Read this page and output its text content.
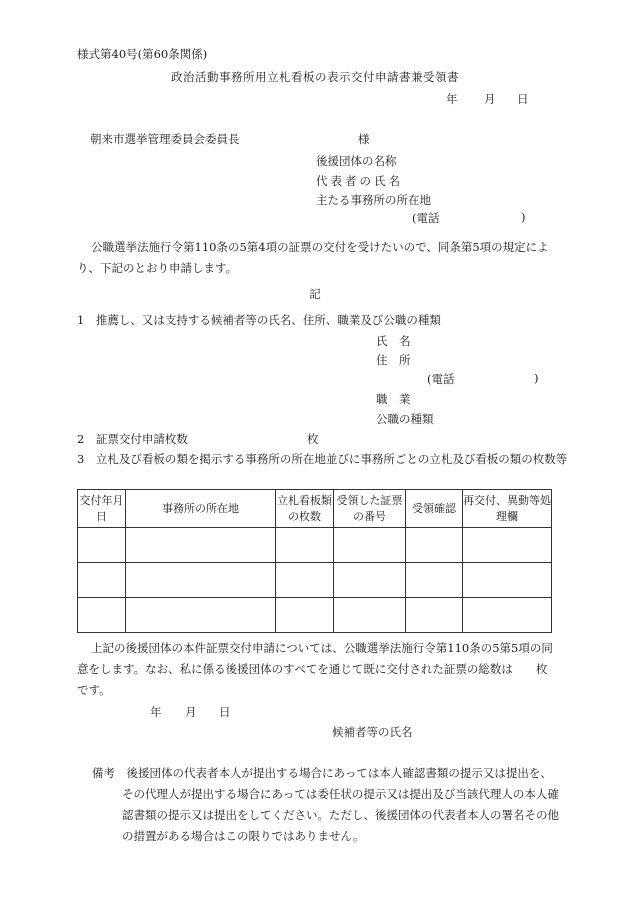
様式第40号(第60条関係)
政治活動事務所用立札看板の表示交付申請書兼受領書
年 月 日
朝来市選挙管理委員会委員長	様
後援団体の名称
代表者の氏名
主たる事務所の所在地
(電話	)
公職選挙法施行令第110条の5第4項の証票の交付を受けたいので、同条第5項の規定により、下記のとおり申請します。
記
1　推薦し、又は支持する候補者等の氏名、住所、職業及び公職の種類
氏　名
住　所
(電話	)
職　業
公職の種類
2　証票交付申請枚数	枚
3　立札及び看板の類を掲示する事務所の所在地並びに事務所ごとの立札及び看板の類の枚数等
交付年月日	事務所の所在地	立札看板類の枚数	受領した証票の番号	受領確認	再交付、異動等処理欄

上記の後援団体の本件証票交付申請については、公職選挙法施行令第110条の5第5項の同意をします。なお、私に係る後援団体のすべてを通じて既に交付された証票の総数は　　枚です。
年 月 日
候補者等の氏名
備考　後援団体の代表者本人が提出する場合にあっては本人確認書類の提示又は提出を、その代理人が提出する場合にあっては委任状の提示又は提出及び当該代理人の本人確認書類の提示又は提出をしてください。ただし、後援団体の代表者本人の署名その他の措置がある場合はこの限りではありません。
